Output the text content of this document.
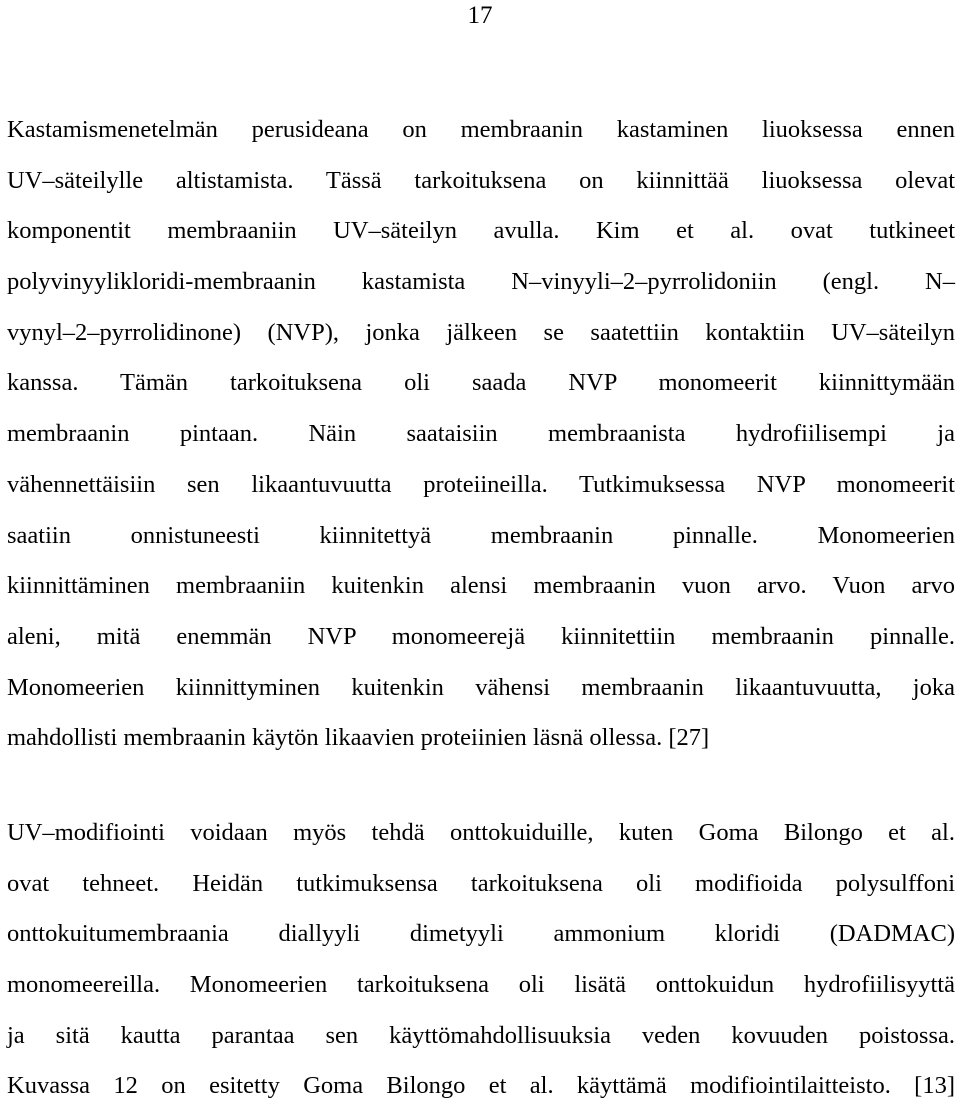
17

Kastamismenetelmän perusideana on membraanin kastaminen liuoksessa ennen
UV–säteilylle altistamista. Tässä tarkoituksena on kiinnittää liuoksessa olevat
komponentit membraaniin UV–säteilyn avulla. Kim et al. ovat tutkineet
polyvinyylikloridi-membraanin kastamista N–vinyyli–2–pyrrolidoniin (engl. N–
vynyl–2–pyrrolidinone) (NVP), jonka jälkeen se saatettiin kontaktiin UV–säteilyn
kanssa. Tämän tarkoituksena oli saada NVP monomeerit kiinnittymään
membraanin pintaan. Näin saataisiin membraanista hydrofiilisempi ja
vähennettäisiin sen likaantuvuutta proteiineilla. Tutkimuksessa NVP monomeerit
saatiin onnistuneesti kiinnitettyä membraanin pinnalle. Monomeerien
kiinnittäminen membraaniin kuitenkin alensi membraanin vuon arvo. Vuon arvo
aleni, mitä enemmän NVP monomeerejä kiinnitettiin membraanin pinnalle.
Monomeerien kiinnittyminen kuitenkin vähensi membraanin likaantuvuutta, joka
mahdollisti membraanin käytön likaavien proteiinien läsnä ollessa. [27]

UV–modifiointi voidaan myös tehdä onttokuiduille, kuten Goma Bilongo et al.
ovat tehneet. Heidän tutkimuksensa tarkoituksena oli modifioida polysulffoni
onttokuitumembraania diallyyli dimetyyli ammonium kloridi (DADMAC)
monomeereilla. Monomeerien tarkoituksena oli lisätä onttokuidun hydrofiilisyyttä
ja sitä kautta parantaa sen käyttömahdollisuuksia veden kovuuden poistossa.
Kuvassa 12 on esitetty Goma Bilongo et al. käyttämä modifiointilaitteisto. [13]
